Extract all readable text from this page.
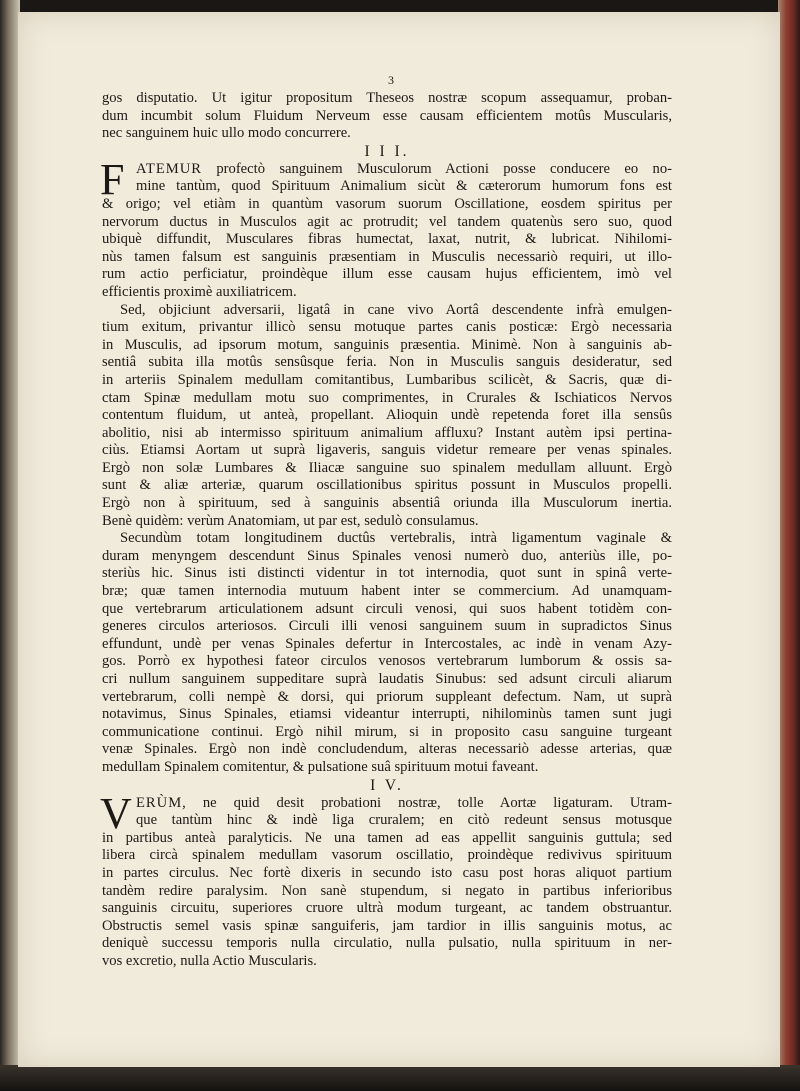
3
gos disputatio. Ut igitur propositum Theseos nostræ scopum assequamur, proban-
dum incumbit solum Fluidum Nerveum esse causam efficientem motûs Muscularis,
nec sanguinem huic ullo modo concurrere.
I I I.
F ATEMUR profectò sanguinem Musculorum Actioni posse conducere eo no-
mine tantùm, quod Spirituum Animalium sicùt & cæterorum humorum fons est
& origo; vel etiàm in quantùm vasorum suorum Oscillatione, eosdem spiritus per
nervorum ductus in Musculos agit ac protrudit; vel tandem quatenùs sero suo, quod
ubiquè diffundit, Musculares fibras humectat, laxat, nutrit, & lubricat. Nihilomi-
nùs tamen falsum est sanguinis præsentiam in Musculis necessariò requiri, ut illo-
rum actio perficiatur, proindèque illum esse causam hujus efficientem, imò vel
efficientis proximè auxiliatricem.
Sed, objiciunt adversarii, ligatâ in cane vivo Aortâ descendente infrà emulgen-
tium exitum, privantur illicò sensu motuque partes canis posticæ: Ergò necessaria
in Musculis, ad ipsorum motum, sanguinis præsentia. Minimè. Non à sanguinis ab-
sentiâ subita illa motûs sensûsque feria. Non in Musculis sanguis desideratur, sed
in arteriis Spinalem medullam comitantibus, Lumbaribus scilicèt, & Sacris, quæ di-
ctam Spinæ medullam motu suo comprimentes, in Crurales & Ischiaticos Nervos
contentum fluidum, ut anteà, propellant. Alioquin undè repetenda foret illa sensûs
abolitio, nisi ab intermisso spirituum animalium affluxu? Instant autèm ipsi pertina-
ciùs. Etiamsi Aortam ut suprà ligaveris, sanguis videtur remeare per venas spinales.
Ergò non solæ Lumbares & Iliacæ sanguine suo spinalem medullam alluunt. Ergò
sunt & aliæ arteriæ, quarum oscillationibus spiritus possunt in Musculos propelli.
Ergò non à spirituum, sed à sanguinis absentiâ oriunda illa Musculorum inertia.
Benè quidèm: verùm Anatomiam, ut par est, sedulò consulamus.
Secundùm totam longitudinem ductûs vertebralis, intrà ligamentum vaginale &
duram menyngem descendunt Sinus Spinales venosi numerò duo, anteriùs ille, po-
steriùs hic. Sinus isti distincti videntur in tot internodia, quot sunt in spinâ verte-
bræ; quæ tamen internodia mutuum habent inter se commercium. Ad unamquam-
que vertebrarum articulationem adsunt circuli venosi, qui suos habent totidèm con-
generes circulos arteriosos. Circuli illi venosi sanguinem suum in supradictos Sinus
effundunt, undè per venas Spinales defertur in Intercostales, ac indè in venam Azy-
gos. Porrò ex hypothesi fateor circulos venosos vertebrarum lumborum & ossis sa-
cri nullum sanguinem suppeditare suprà laudatis Sinubus: sed adsunt circuli aliarum
vertebrarum, colli nempè & dorsi, qui priorum suppleant defectum. Nam, ut suprà
notavimus, Sinus Spinales, etiamsi videantur interrupti, nihilominùs tamen sunt jugi
communicatione continui. Ergò nihil mirum, si in proposito casu sanguine turgeant
venæ Spinales. Ergò non indè concludendum, alteras necessariò adesse arterias, quæ
medullam Spinalem comitentur, & pulsatione suâ spirituum motui faveant.
I V.
V ERÙM, ne quid desit probationi nostræ, tolle Aortæ ligaturam. Utram-
que tantùm hinc & indè liga cruralem; en citò redeunt sensus motusque
in partibus anteà paralyticis. Ne una tamen ad eas appellit sanguinis guttula; sed
libera circà spinalem medullam vasorum oscillatio, proindèque redivivus spirituum
in partes circulus. Nec fortè dixeris in secundo isto casu post horas aliquot partium
tandèm redire paralysim. Non sanè stupendum, si negato in partibus inferioribus
sanguinis circuitu, superiores cruore ultrà modum turgeant, ac tandem obstruantur.
Obstructis semel vasis spinæ sanguiferis, jam tardior in illis sanguinis motus, ac
deniquè successu temporis nulla circulatio, nulla pulsatio, nulla spirituum in ner-
vos excretio, nulla Actio Muscularis.
